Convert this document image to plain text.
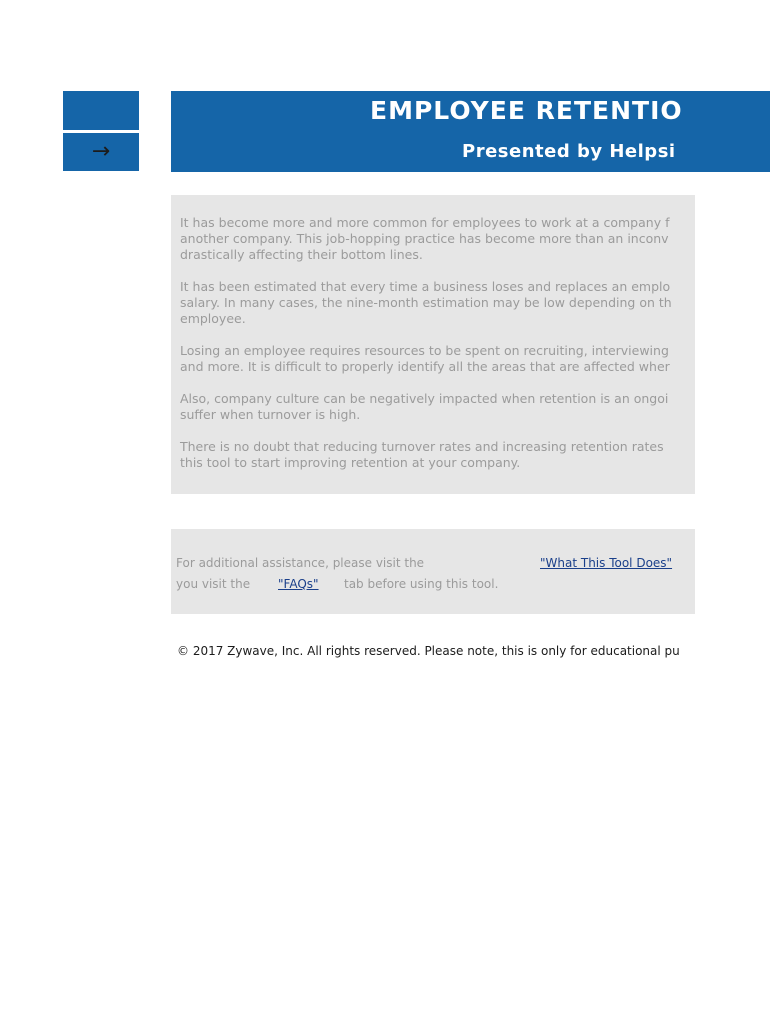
→
EMPLOYEE RETENTIO
Presented by Helpsi

It has become more and more common for employees to work at a company f
another company. This job-hopping practice has become more than an inconv
drastically affecting their bottom lines.

It has been estimated that every time a business loses and replaces an emplo
salary. In many cases, the nine-month estimation may be low depending on th
employee.

Losing an employee requires resources to be spent on recruiting, interviewing
and more. It is difficult to properly identify all the areas that are affected wher

Also, company culture can be negatively impacted when retention is an ongoi
suffer when turnover is high.

There is no doubt that reducing turnover rates and increasing retention rates
this tool to start improving retention at your company.

For additional assistance, please visit the	"What This Tool Does"
you visit the "FAQs" tab before using this tool.
© 2017 Zywave, Inc. All rights reserved. Please note, this is only for educational pu
